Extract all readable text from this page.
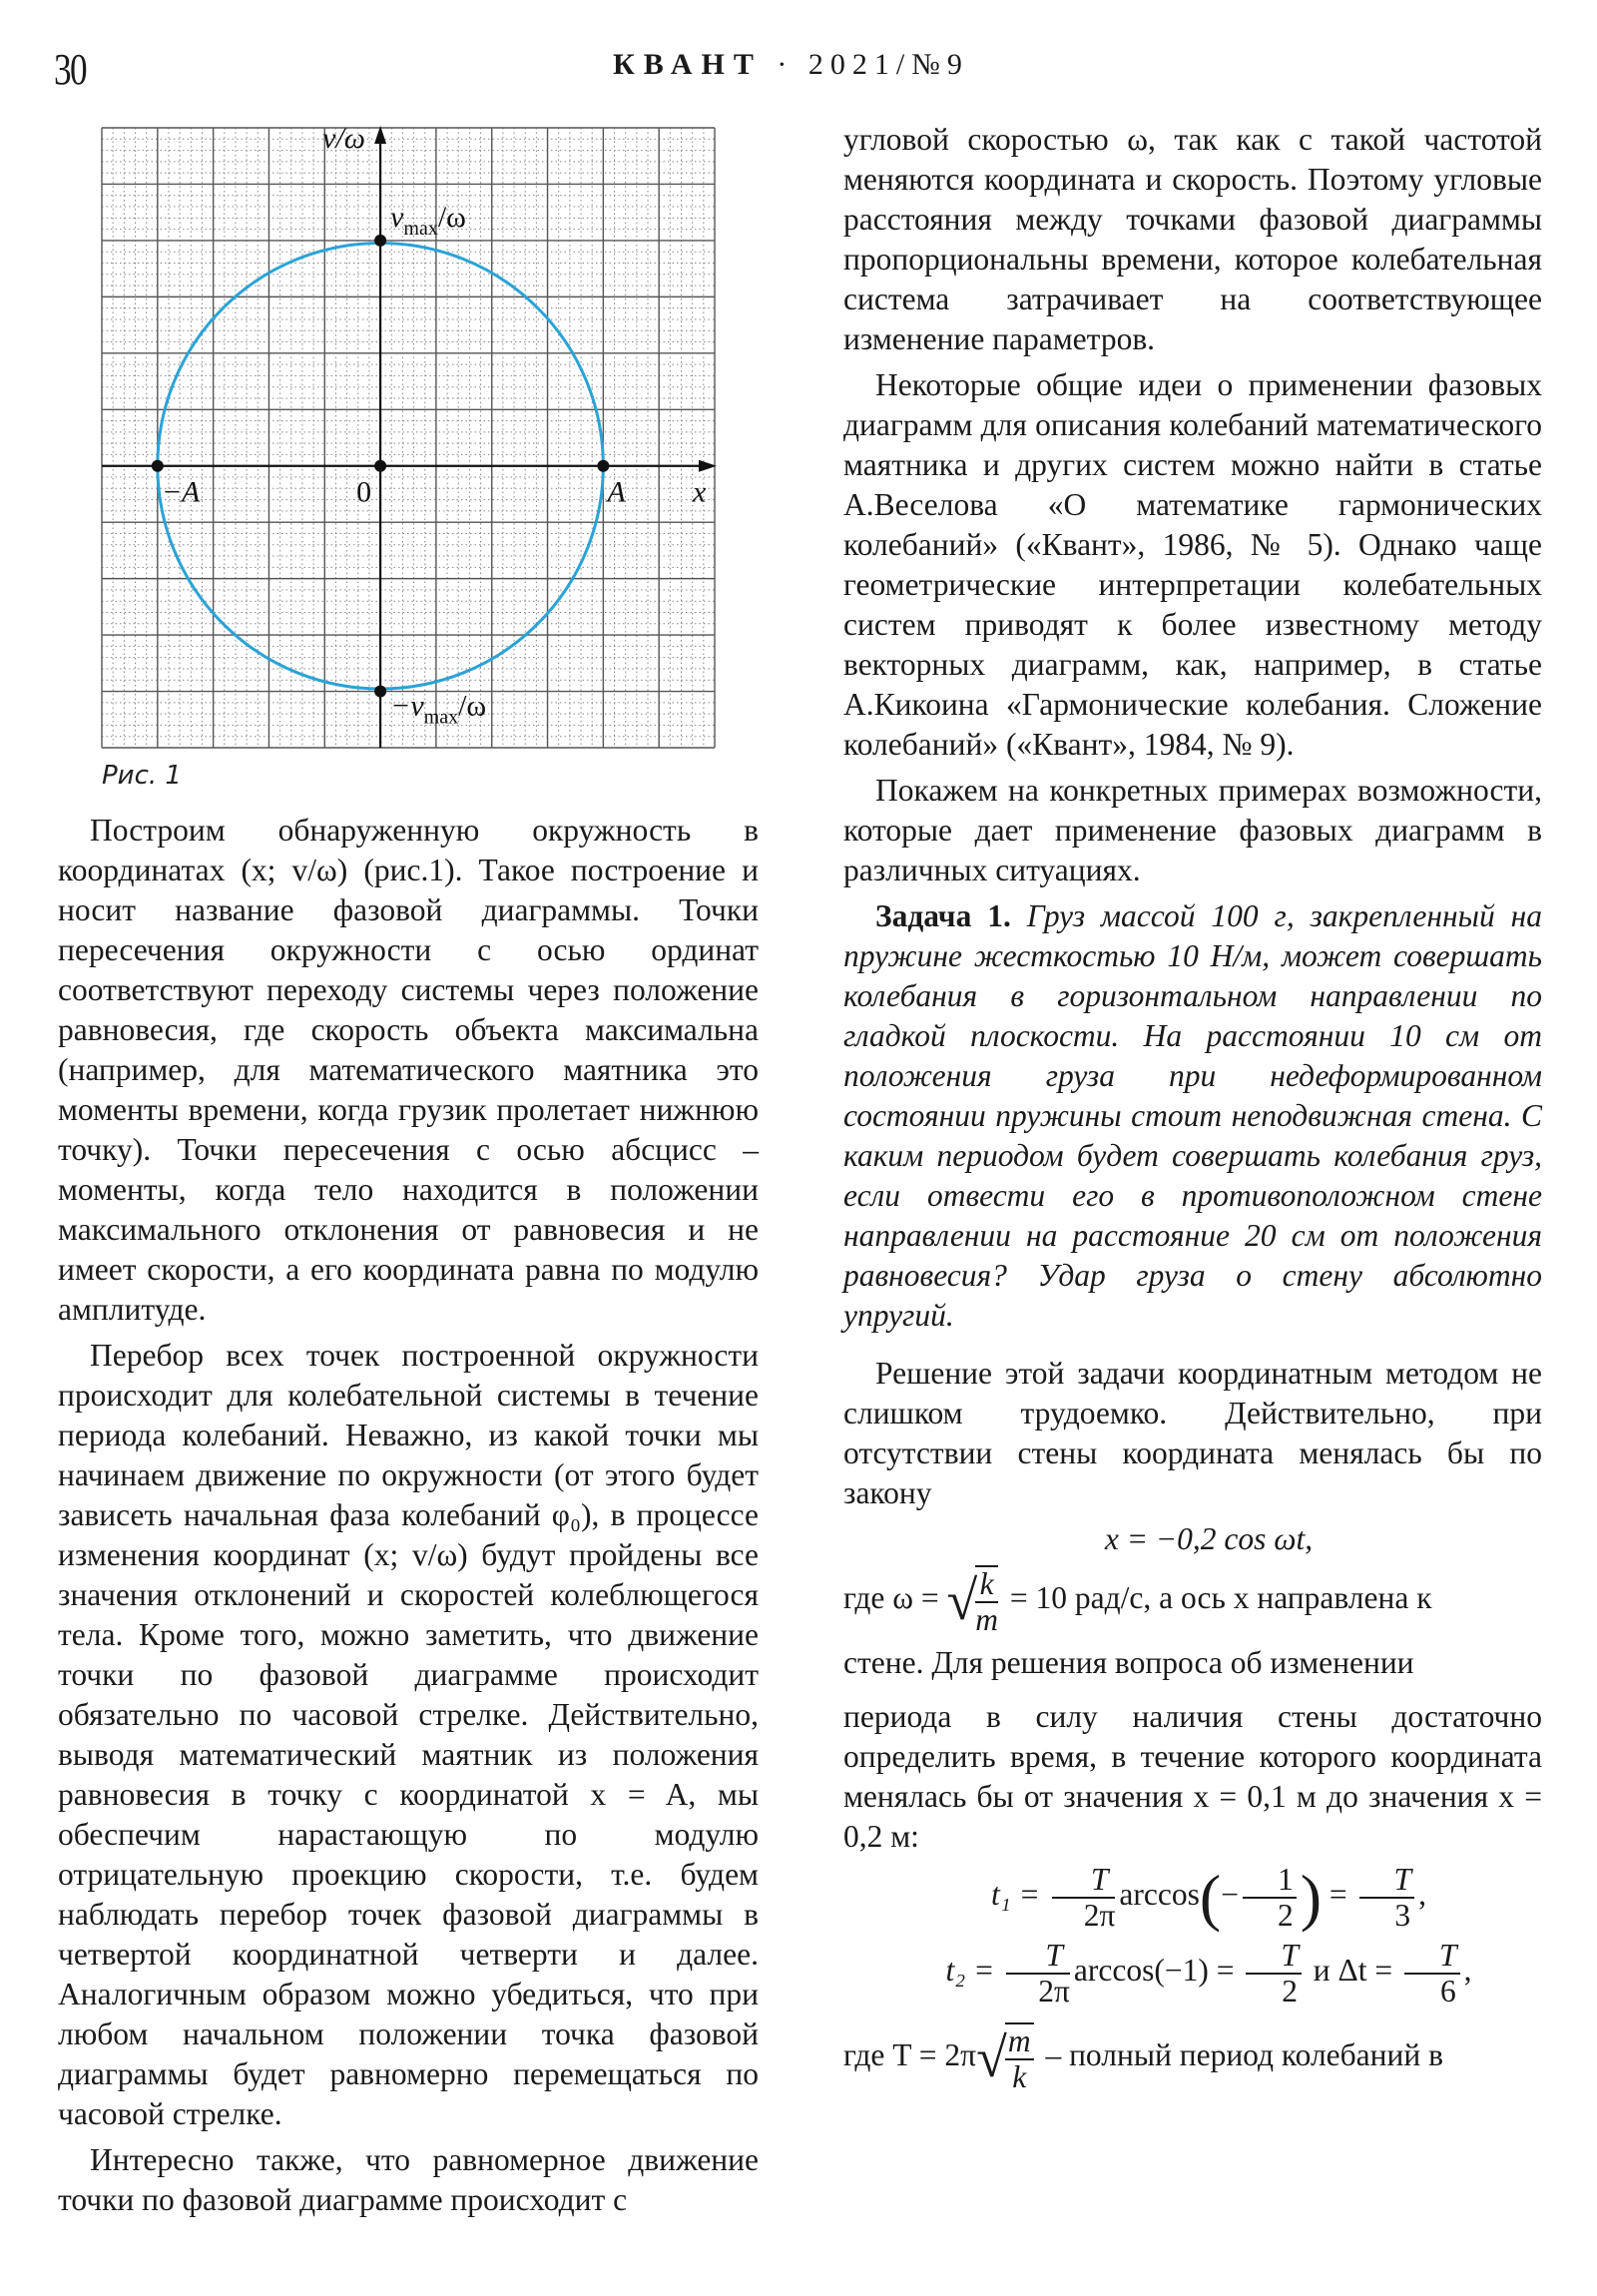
30	КВАНТ · 2021/№9
v/ω
x
0	A
−A
$v_{max}/\omega$
$-v_{max}/\omega$
Рис. 1

Построим обнаруженную окружность в координатах (x; v/ω) (рис.1). Такое построение и носит название фазовой диаграммы. Точки пересечения окружности с осью ординат соответствуют переходу системы через положение равновесия, где скорость объекта максимальна (например, для математического маятника это моменты времени, когда грузик пролетает нижнюю точку). Точки пересечения с осью абсцисс – моменты, когда тело находится в положении максимального отклонения от равновесия и не имеет скорости, а его координата равна по модулю амплитуде.

Перебор всех точек построенной окружности происходит для колебательной системы в течение периода колебаний. Неважно, из какой точки мы начинаем движение по окружности (от этого будет зависеть начальная фаза колебаний φ₀), в процессе изменения координат (x; v/ω) будут пройдены все значения отклонений и скоростей колеблющегося тела. Кроме того, можно заметить, что движение точки по фазовой диаграмме происходит обязательно по часовой стрелке. Действительно, выводя математический маятник из положения равновесия в точку с координатой x = A, мы обеспечим нарастающую по модулю отрицательную проекцию скорости, т.е. будем наблюдать перебор точек фазовой диаграммы в четвертой координатной четверти и далее. Аналогичным образом можно убедиться, что при любом начальном положении точка фазовой диаграммы будет равномерно перемещаться по часовой стрелке.

Интересно также, что равномерное движение точки по фазовой диаграмме происходит с

угловой скоростью ω, так как с такой частотой меняются координата и скорость. Поэтому угловые расстояния между точками фазовой диаграммы пропорциональны времени, которое колебательная система затрачивает на соответствующее изменение параметров.

Некоторые общие идеи о применении фазовых диаграмм для описания колебаний математического маятника и других систем можно найти в статье А.Веселова «О математике гармонических колебаний» («Квант», 1986, № 5). Однако чаще геометрические интерпретации колебательных систем приводят к более известному методу векторных диаграмм, как, например, в статье А.Кикоина «Гармонические колебания. Сложение колебаний» («Квант», 1984, № 9).

Покажем на конкретных примерах возможности, которые дает применение фазовых диаграмм в различных ситуациях.

Задача 1. Груз массой 100 г, закрепленный на пружине жесткостью 10 Н/м, может совершать колебания в горизонтальном направлении по гладкой плоскости. На расстоянии 10 см от положения груза при недеформированном состоянии пружины стоит неподвижная стена. С каким периодом будет совершать колебания груз, если отвести его в противоположном стене направлении на расстояние 20 см от положения равновесия? Удар груза о стену абсолютно упругий.

Решение этой задачи координатным методом не слишком трудоемко. Действительно, при отсутствии стены координата менялась бы по закону

x = −0,2 cos ωt,

где ω = √
$\frac{k}{m} = 10$ рад/с, а ось x направлена к

стене. Для решения вопроса об изменении

периода в силу наличия стены достаточно определить время, в течение которого координата менялась бы от значения x = 0,1 м до значения x = 0,2 м:

$t_1 = \frac{T}{2\pi} \arccos(- \frac{1}{2}$ ) = $\frac{T}{3}$ ,

$t_2 = \frac{T}{2\pi} \arccos(-1) = \frac{T}{2}$ и $\Delta t = \frac{T}{6}$ ,

где T = 2π√
$\frac{m}{k}$ – полный период колебаний в
